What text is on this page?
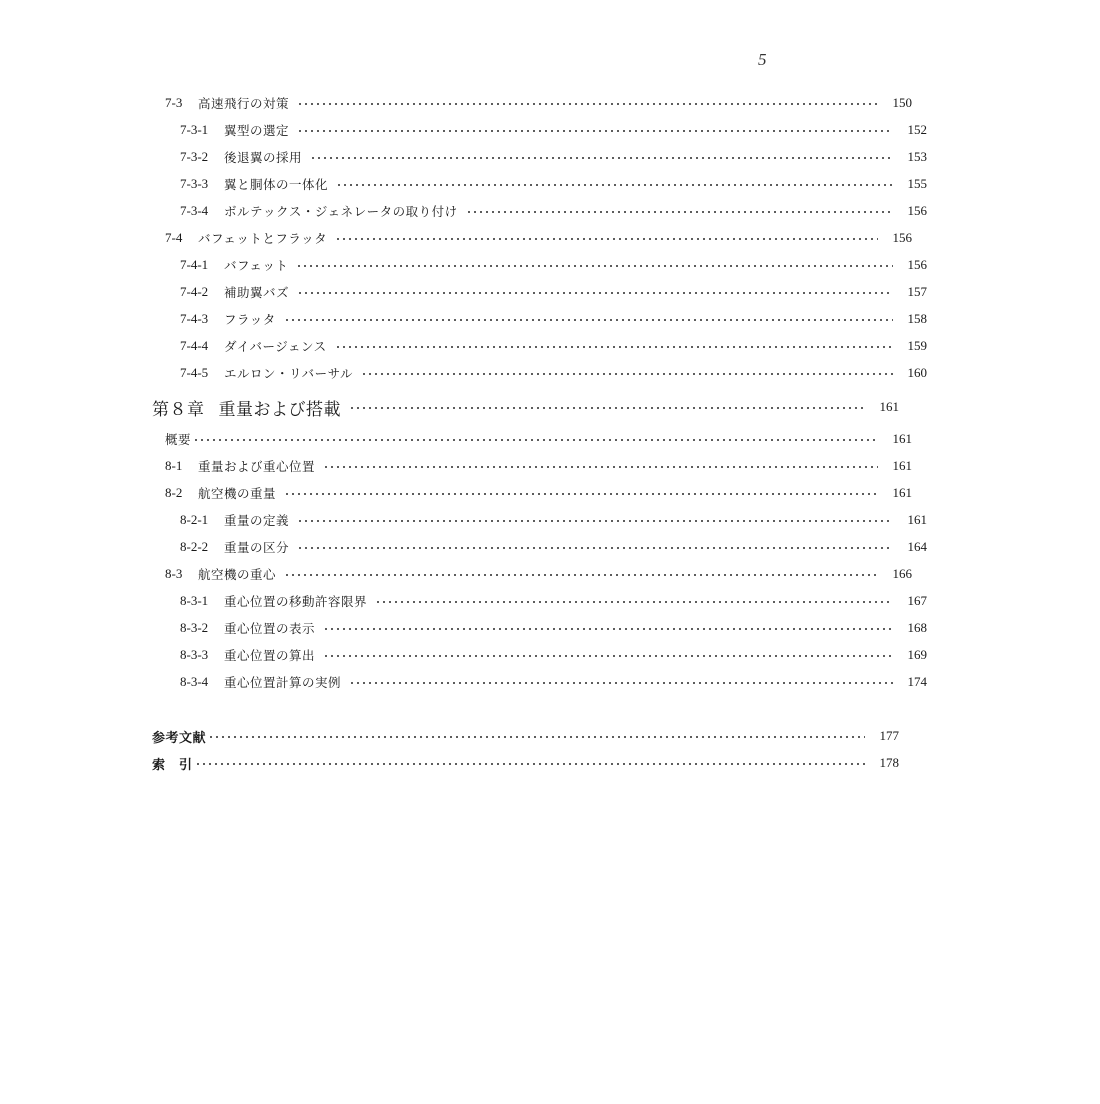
5
7-3	高速飛行の対策	150
7-3-1	翼型の選定	152
7-3-2	後退翼の採用	153
7-3-3	翼と胴体の一体化	155
7-3-4	ボルテックス・ジェネレータの取り付け	156
7-4	バフェットとフラッタ	156
7-4-1	バフェット	156
7-4-2	補助翼バズ	157
7-4-3	フラッタ	158
7-4-4	ダイバージェンス	159
7-4-5	エルロン・リバーサル	160
第８章 重量および搭載	161
概要	161
8-1	重量および重心位置	161
8-2	航空機の重量	161
8-2-1	重量の定義	161
8-2-2	重量の区分	164
8-3	航空機の重心	166
8-3-1	重心位置の移動許容限界	167
8-3-2	重心位置の表示	168
8-3-3	重心位置の算出	169
8-3-4	重心位置計算の実例	174
参考文献	177
索　引	178
